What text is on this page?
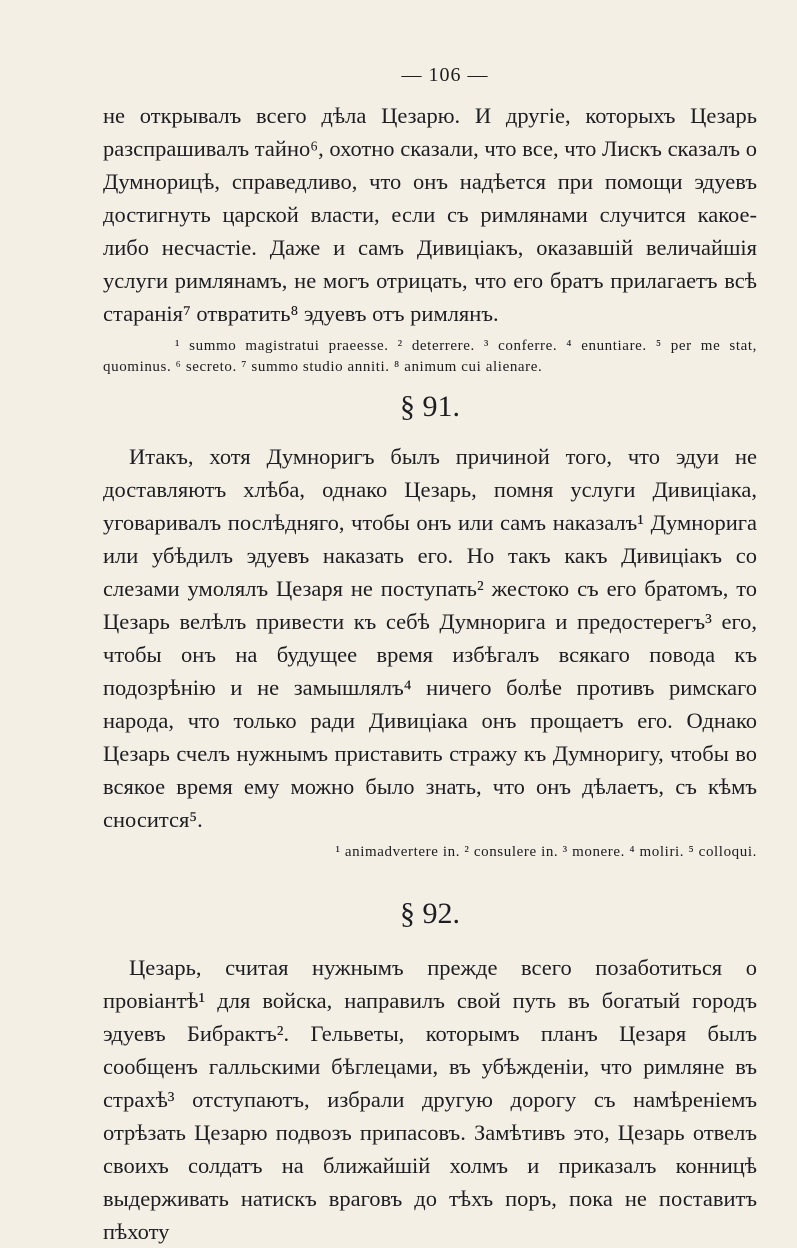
— 106 —

не открывалъ всего дѣла Цезарю. И другіе, которыхъ Цезарь разспрашивалъ тайно⁶, охотно сказали, что все, что Лискъ сказалъ о Думнорицѣ, справедливо, что онъ надѣется при помощи эдуевъ достигнуть царской власти, если съ римлянами случится какое-либо несчастіе. Даже и самъ Дивиціакъ, оказавшій величайшія услуги римлянамъ, не могъ отрицать, что его братъ прилагаетъ всѣ старанія⁷ отвратить⁸ эдуевъ отъ римлянъ.

¹ summo magistratui praeesse. ² deterrere. ³ conferre. ⁴ enuntiare. ⁵ per me stat, quominus. ⁶ secreto. ⁷ summo studio anniti. ⁸ animum cui alienare.

§ 91.

Итакъ, хотя Думноригъ былъ причиной того, что эдуи не доставляютъ хлѣба, однако Цезарь, помня услуги Дивиціака, уговаривалъ послѣдняго, чтобы онъ или самъ наказалъ¹ Думнорига или убѣдилъ эдуевъ наказать его. Но такъ какъ Дивиціакъ со слезами умолялъ Цезаря не поступать² жестоко съ его братомъ, то Цезарь велѣлъ привести къ себѣ Думнорига и предостерегъ³ его, чтобы онъ на будущее время избѣгалъ всякаго повода къ подозрѣнію и не замышлялъ⁴ ничего болѣе противъ римскаго народа, что только ради Дивиціака онъ прощаетъ его. Однако Цезарь счелъ нужнымъ приставить стражу къ Думноригу, чтобы во всякое время ему можно было знать, что онъ дѣлаетъ, съ кѣмъ сносится⁵.

¹ animadvertere in. ² consulere in. ³ monere. ⁴ moliri. ⁵ colloqui.

§ 92.

Цезарь, считая нужнымъ прежде всего позаботиться о провіантѣ¹ для войска, направилъ свой путь въ богатый городъ эдуевъ Бибрактъ². Гельветы, которымъ планъ Цезаря былъ сообщенъ галльскими бѣглецами, въ убѣжденіи, что римляне въ страхѣ³ отступаютъ, избрали другую дорогу съ намѣреніемъ отрѣзать Цезарю подвозъ припасовъ. Замѣтивъ это, Цезарь отвелъ своихъ солдатъ на ближайшій холмъ и приказалъ конницѣ выдерживать натискъ враговъ до тѣхъ поръ, пока не поставитъ пѣхоту
